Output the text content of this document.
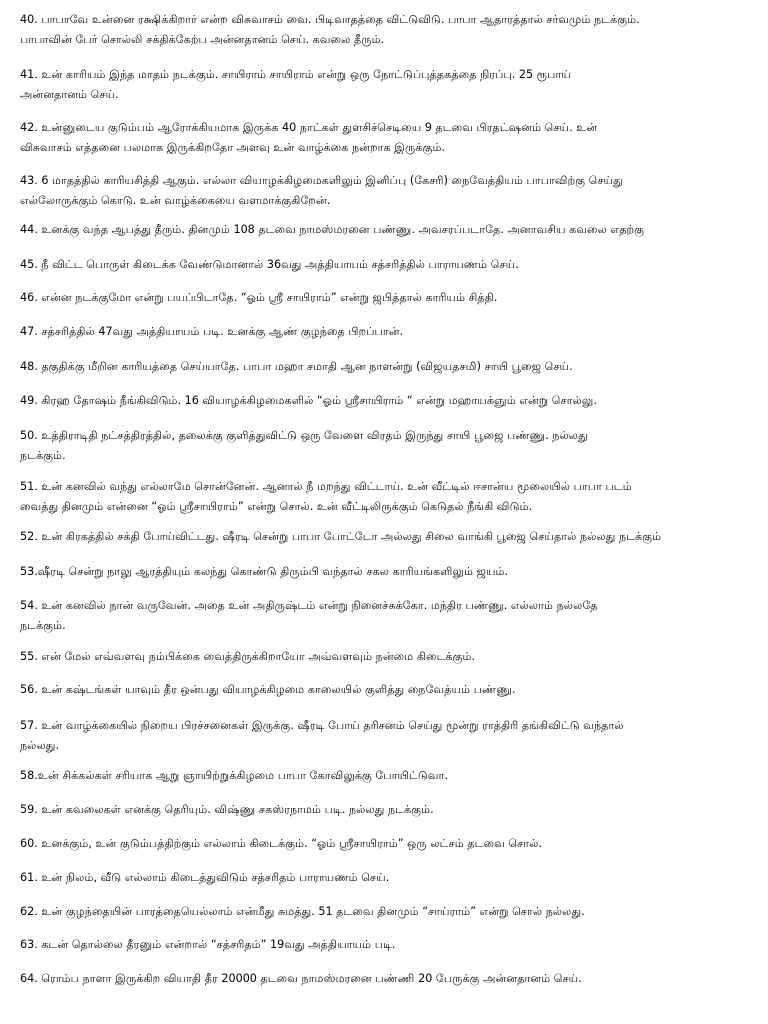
40. பாபாவே உன்னை ரக்ஷிக்கிறார் என்ற விசுவாசம் வை. பிடிவாதத்தை விட்டுவிடு. பாபா ஆதாரத்தால் சர்வமும் நடக்கும்.
பாபாவின் பேர் சொல்லி சக்திக்கேற்ப அன்னதானம் செய். கவலை தீரும்.

41. உன் காரியம் இந்த மாதம் நடக்கும். சாயிராம் சாயிராம் என்று ஒரு நோட்டுப்புத்தகத்தை நிரப்பு. 25 ரூபாய்
அன்னதானம் செய்.

42. உன்னுடைய குடும்பம் ஆரோக்கியமாக இருக்க 40 நாட்கள் துளசிச்செடியை 9 தடவை பிரதட்ஷனம் செய். உன்
விசுவாசம் எத்தனை பலமாக இருக்கிறதோ அளவு உன் வாழ்க்கை நன்றாக இருக்கும்.

43. 6 மாதத்தில் காரியசித்தி ஆகும். எல்லா வியாழக்கிழமைகளிலும் இனிப்பு (கேசரி) நைவேத்தியம் பாபாவிற்கு செய்து
எல்லோருக்கும் கொடு. உன் வாழ்க்கையை வளமாக்குகிறேன்.

44. உனக்கு வந்த ஆபத்து தீரும். தினமும் 108 தடவை நாமஸ்மரனை பண்ணு. அவசரப்படாதே. அனாவசிய கவலை எதற்கு

45. நீ விட்ட பொருள் கிடைக்க வேண்டுமானால் 36வது அத்தியாயம் சத்சரித்தில் பாராயணம் செய்.

46. என்ன நடக்குமோ என்று பயப்பிடாதே. “ஓம் ஸ்ரீ சாயிராம்” என்று ஜபித்தால் காரியம் சித்தி.

47. சத்சரித்தில் 47வது அத்தியாயம் படி. உனக்கு ஆண் குழந்தை பிறப்பான்.

48. தகுதிக்கு மீறின காரியத்தை செய்யாதே. பாபா மஹா சமாதி ஆன நாளன்று (விஜயதசமி) சாயி பூஜை செய்.

49. கிரஹ தோஷம் நீங்கிவிடும். 16 வியாழக்கிழமைகளில் “ஓம் ஸ்ரீசாயிராம் “ என்று மஹாயக்ஞும் என்று சொல்லு.

50. உத்திராடிதி நட்சத்திரத்தில், தலைக்கு குளித்துவிட்டு ஒரு வேளை விரதம் இருந்து சாயி பூஜை பண்ணு. நல்லது
நடக்கும்.

51. உன் கனவில் வந்து எல்லாமே சொன்னேன். ஆனால் நீ மறந்து விட்டாய். உன் வீட்டில் ஈசான்ய மூலையில் பாபா படம்
வைத்து தினமும் என்னை “ஓம் ஸ்ரீசாயிராம்” என்று சொல். உன் வீட்டிலிருக்கும் கெடுதல் நீங்கி விடும்.

52. உன் கிரகத்தில் சக்தி போய்விட்டது. ஷீரடி சென்று பாபா போட்டோ அல்லது சிலை வாங்கி பூஜை செய்தால் நல்லது நடக்கும்

53.ஷீரடி சென்று நாலு ஆரத்தியும் கலந்து கொண்டு திரும்பி வந்தால் சகல காரியங்களிலும் ஜயம்.

54. உன் கனவில் நான் வருவேன். அதை உன் அதிருஷ்டம் என்று நினைச்சுக்கோ. மந்திர பண்ணு. எல்லாம் நல்லதே
நடக்கும்.

55. என் மேல் எவ்வளவு நம்பிக்கை வைத்திருக்கிறாயோ அவ்வளவும் நன்மை கிடைக்கும்.

56. உன் கஷ்டங்கள் யாவும் தீர ஒன்பது வியாழக்கிழமை காலையில் குளித்து நைவேத்யம் பண்ணு.

57. உன் வாழ்க்கையில் நிறைய பிரச்சனைகள் இருக்கு. ஷீரடி போய் தரிசனம் செய்து மூன்று ராத்திரி தங்கிவிட்டு வந்தால்
நல்லது.

58.உன் சிக்கல்கள் சரியாக ஆறு ஞாயிற்றுக்கிழமை பாபா கோவிலுக்கு போயிட்டுவா.

59. உன் கவலைகள் எனக்கு தெரியும். விஷ்ணு சகஸ்ரநாமம் படி. நல்லது நடக்கும்.

60. உனக்கும், உன் குடும்பத்திற்கும் எல்லாம் கிடைக்கும். “ஓம் ஸ்ரீசாயிராம்” ஒரு லட்சம் தடவை சொல்.

61. உன் நிலம், வீடு எல்லாம் கிடைத்துவிடும் சத்சரிதம் பாராயணம் செய்.

62. உன் குழந்தையின் பாரத்தையெல்லாம் என்மீது சுமத்து. 51 தடவை தினமும் “சாய்ராம்” என்று சொல் நல்லது.

63. கடன் தொல்லை தீரனும் என்றால் “சத்சரிதம்” 19வது அத்தியாயம் படி.

64. ரொம்ப நாளா இருக்கிற வியாதி தீர 20000 தடவை நாமஸ்மரனை பண்ணி 20 பேருக்கு அன்னதானம் செய்.
